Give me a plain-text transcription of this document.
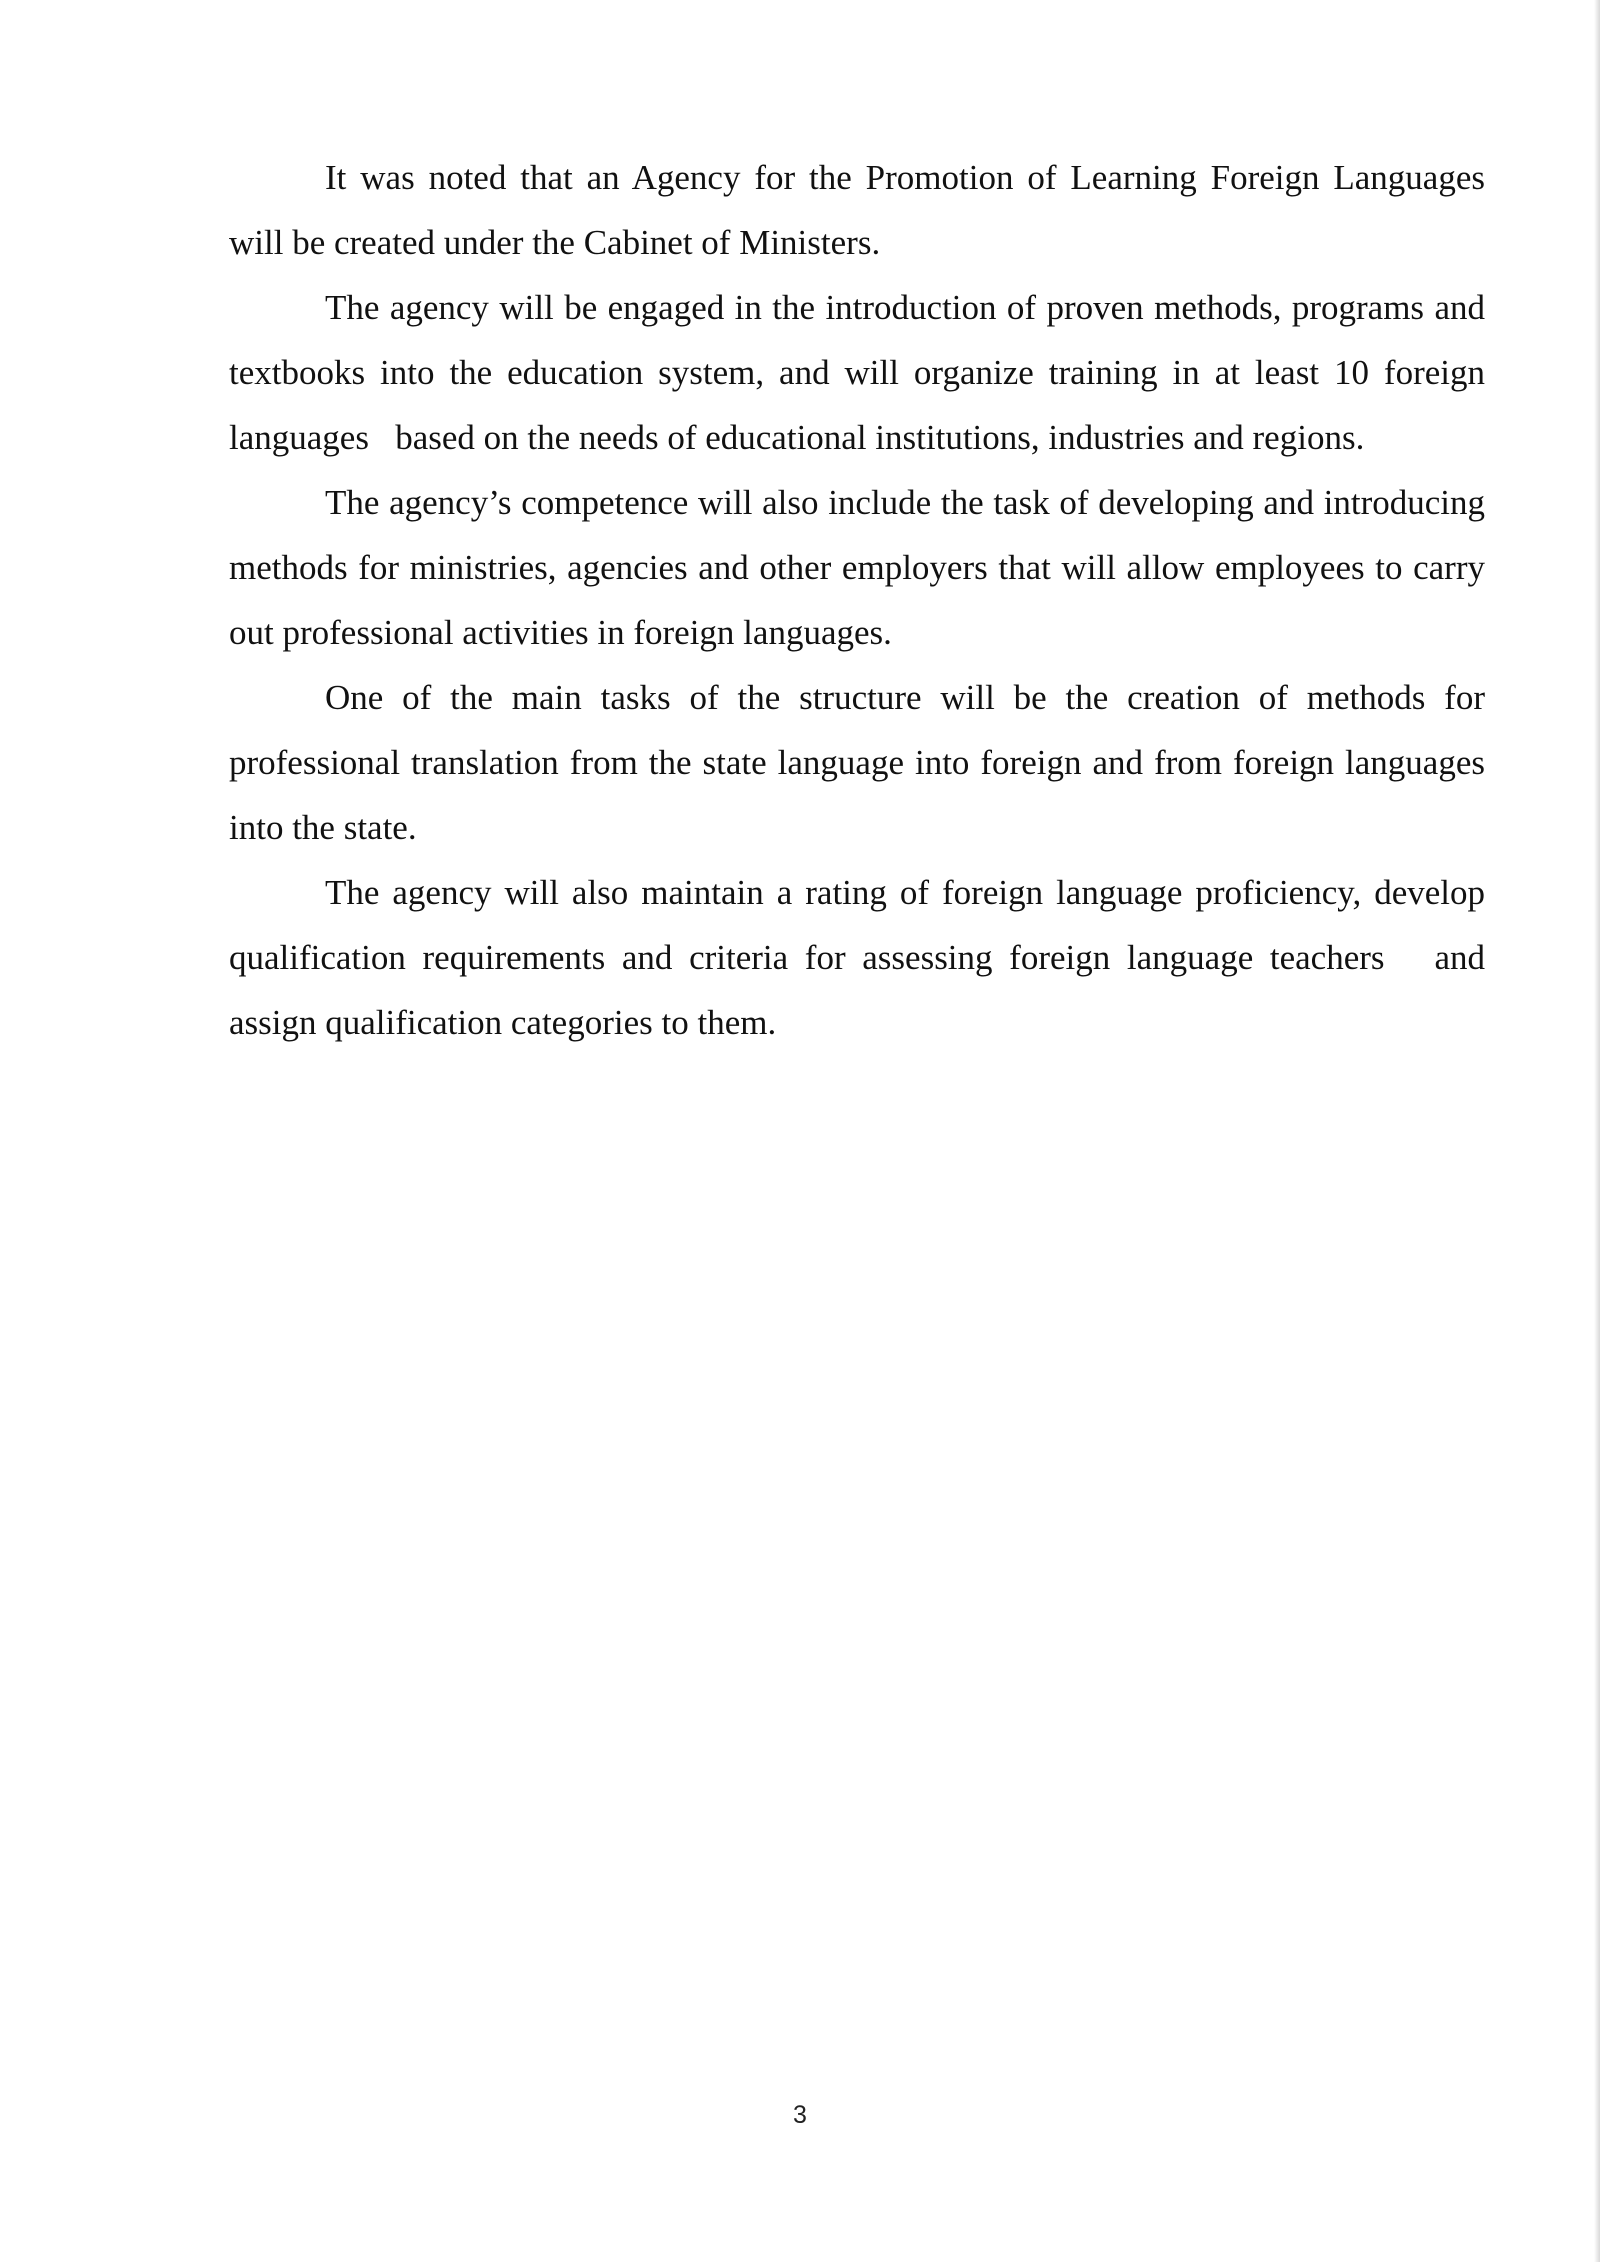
It was noted that an Agency for the Promotion of Learning Foreign Languages will be created under the Cabinet of Ministers.

The agency will be engaged in the introduction of proven methods, programs and textbooks into the education system, and will organize training in at least 10 foreign languages   based on the needs of educational institutions, industries and regions.

The agency’s competence will also include the task of developing and introducing methods for ministries, agencies and other employers that will allow employees to carry out professional activities in foreign languages.

One of the main tasks of the structure will be the creation of methods for professional translation from the state language into foreign and from foreign languages   into the state.

The agency will also maintain a rating of foreign language proficiency, develop qualification requirements and criteria for assessing foreign language teachers   and assign qualification categories to them.

3
